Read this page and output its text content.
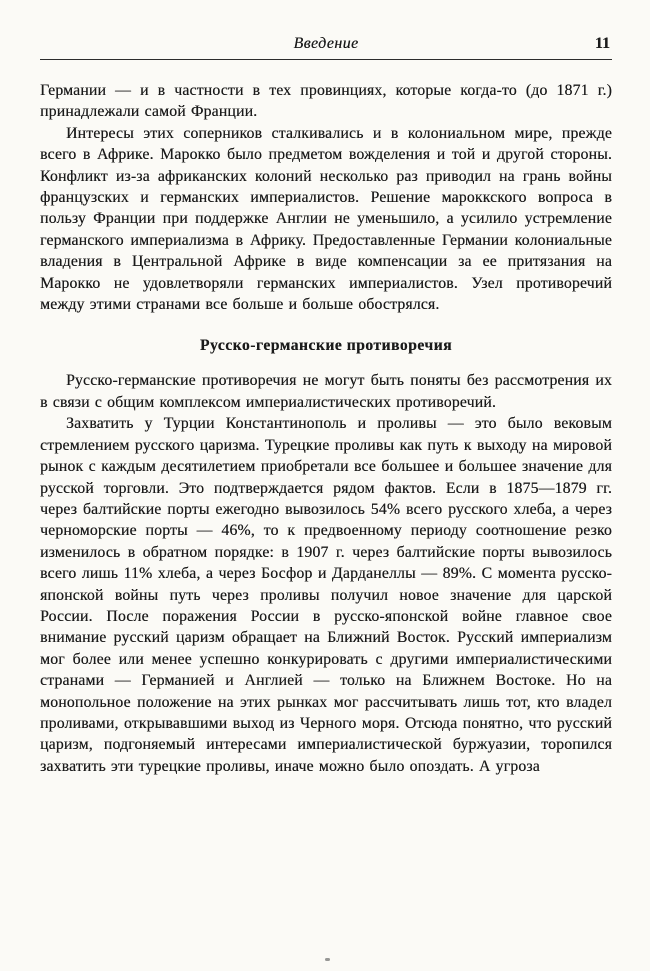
Введение	11

Германии — и в частности в тех провинциях, которые когда-то (до 1871 г.) принадлежали самой Франции.

Интересы этих соперников сталкивались и в колониальном мире, прежде всего в Африке. Марокко было предметом вожделения и той и другой стороны. Конфликт из-за африканских колоний несколько раз приводил на грань войны французских и германских империалистов. Решение мароккского вопроса в пользу Франции при поддержке Англии не уменьшило, а усилило устремление германского империализма в Африку. Предоставленные Германии колониальные владения в Центральной Африке в виде компенсации за ее притязания на Марокко не удовлетворяли германских империалистов. Узел противоречий между этими странами все больше и больше обострялся.

Русско-германские противоречия

Русско-германские противоречия не могут быть поняты без рассмотрения их в связи с общим комплексом империалистических противоречий.

Захватить у Турции Константинополь и проливы — это было вековым стремлением русского царизма. Турецкие проливы как путь к выходу на мировой рынок с каждым десятилетием приобретали все большее и большее значение для русской торговли. Это подтверждается рядом фактов. Если в 1875—1879 гг. через балтийские порты ежегодно вывозилось 54% всего русского хлеба, а через черноморские порты — 46%, то к предвоенному периоду соотношение резко изменилось в обратном порядке: в 1907 г. через балтийские порты вывозилось всего лишь 11% хлеба, а через Босфор и Дарданеллы — 89%. С момента русско-японской войны путь через проливы получил новое значение для царской России. После поражения России в русско-японской войне главное свое внимание русский царизм обращает на Ближний Восток. Русский империализм мог более или менее успешно конкурировать с другими империалистическими странами — Германией и Англией — только на Ближнем Востоке. Но на монопольное положение на этих рынках мог рассчитывать лишь тот, кто владел проливами, открывавшими выход из Черного моря. Отсюда понятно, что русский царизм, подгоняемый интересами империалистической буржуазии, торопился захватить эти турецкие проливы, иначе можно было опоздать. А угроза
